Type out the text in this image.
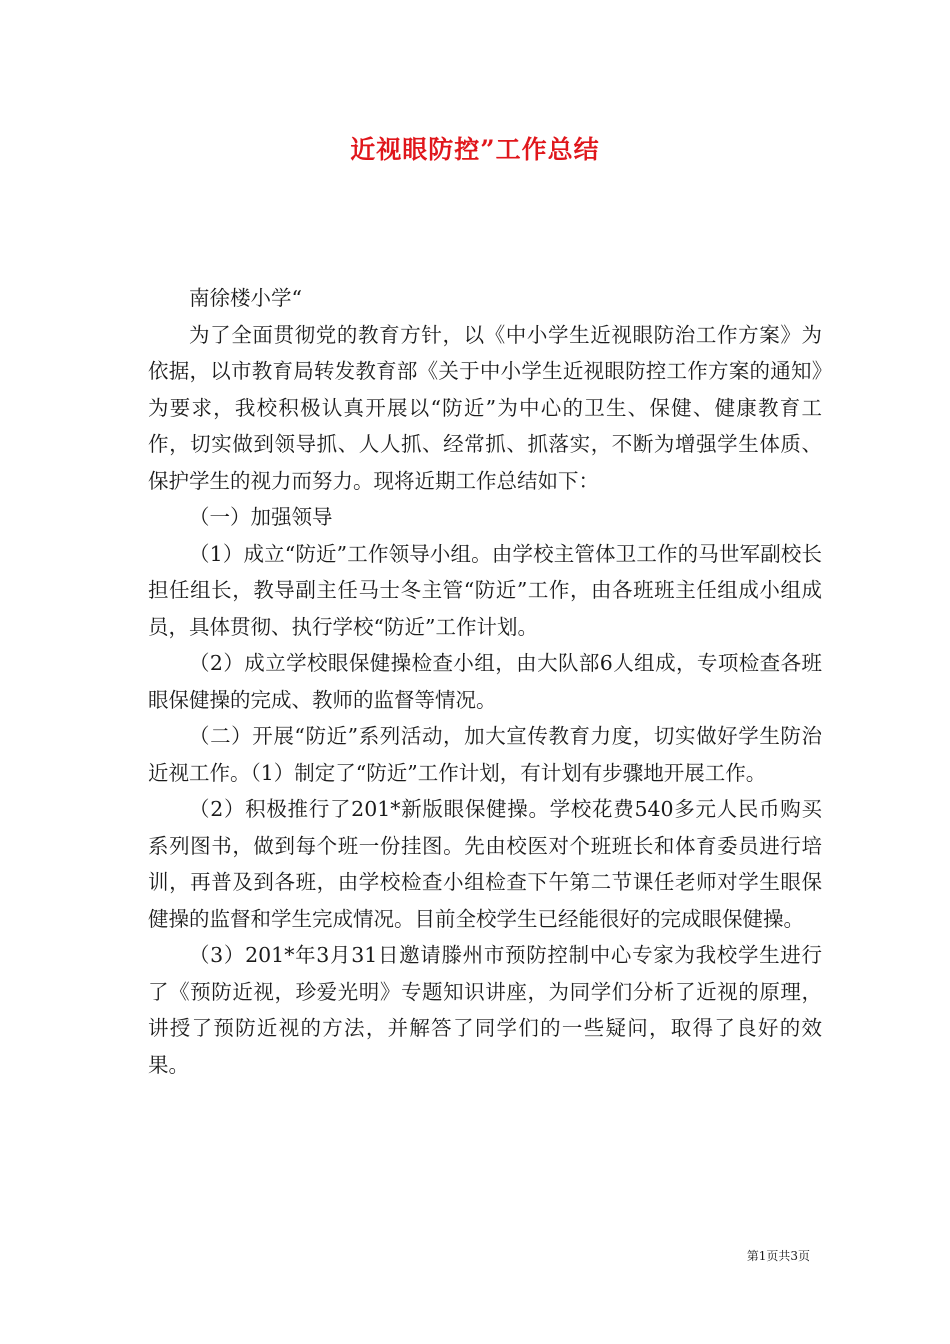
近视眼防控”工作总结

南徐楼小学“

为了全面贯彻党的教育方针，以《中小学生近视眼防治工作方案》为依据，以市教育局转发教育部《关于中小学生近视眼防控工作方案的通知》为要求，我校积极认真开展以“防近”为中心的卫生、保健、健康教育工作，切实做到领导抓、人人抓、经常抓、抓落实，不断为增强学生体质、保护学生的视力而努力。现将近期工作总结如下：

（一）加强领导

（1）成立“防近”工作领导小组。由学校主管体卫工作的马世军副校长担任组长，教导副主任马士冬主管“防近”工作，由各班班主任组成小组成员，具体贯彻、执行学校“防近”工作计划。

（2）成立学校眼保健操检查小组，由大队部6人组成，专项检查各班眼保健操的完成、教师的监督等情况。

（二）开展“防近”系列活动，加大宣传教育力度，切实做好学生防治近视工作。（1）制定了“防近”工作计划，有计划有步骤地开展工作。

（2）积极推行了201*新版眼保健操。学校花费540多元人民币购买系列图书，做到每个班一份挂图。先由校医对个班班长和体育委员进行培训，再普及到各班，由学校检查小组检查下午第二节课任老师对学生眼保健操的监督和学生完成情况。目前全校学生已经能很好的完成眼保健操。

（3）201*年3月31日邀请滕州市预防控制中心专家为我校学生进行了《预防近视，珍爱光明》专题知识讲座，为同学们分析了近视的原理，讲授了预防近视的方法，并解答了同学们的一些疑问，取得了良好的效果。

第1页共3页
